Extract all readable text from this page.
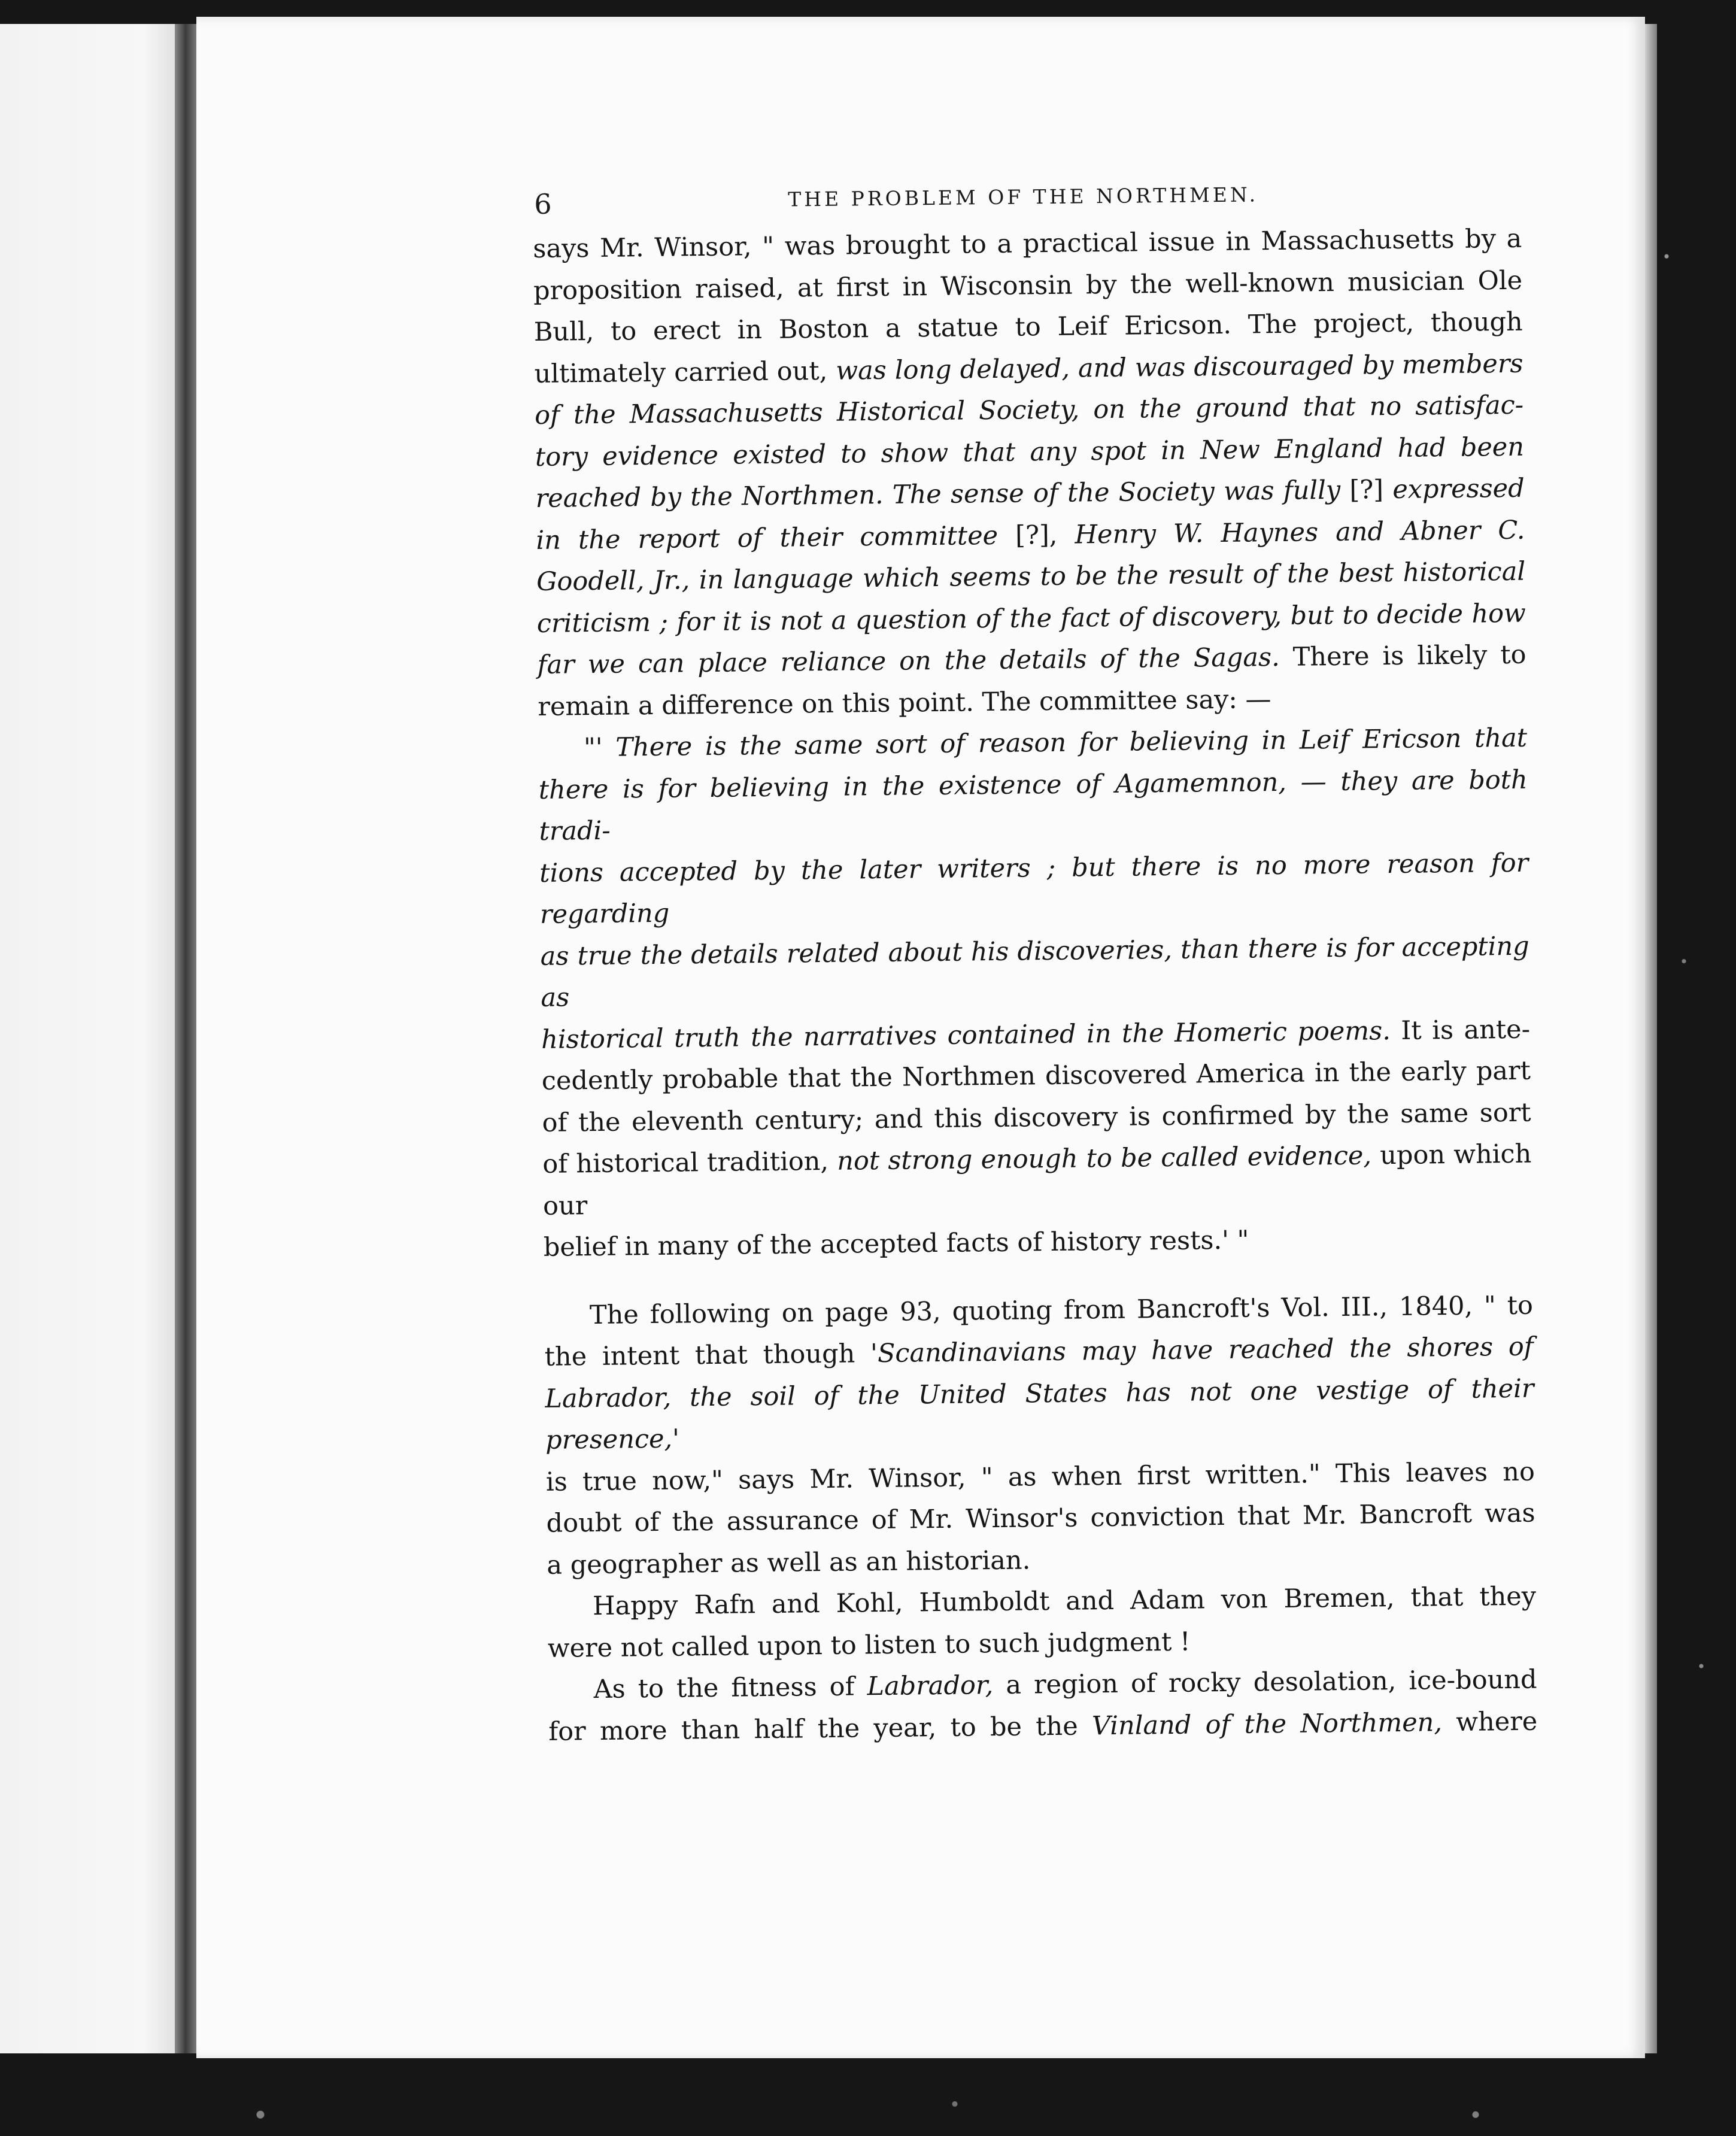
6	THE PROBLEM OF THE NORTHMEN.

says Mr. Winsor, " was brought to a practical issue in Massachusetts by a

proposition raised, at first in Wisconsin by the well-known musician Ole

Bull, to erect in Boston a statue to Leif Ericson. The project, though

ultimately carried out, was long delayed, and was discouraged by members

of the Massachusetts Historical Society, on the ground that no satisfac-

tory evidence existed to show that any spot in New England had been

reached by the Northmen. The sense of the Society was fully [?] expressed

in the report of their committee [?], Henry W. Haynes and Abner C.

Goodell, Jr., in language which seems to be the result of the best historical

criticism ; for it is not a question of the fact of discovery, but to decide how

far we can place reliance on the details of the Sagas. There is likely to

remain a difference on this point. The committee say: —

"' There is the same sort of reason for believing in Leif Ericson that

there is for believing in the existence of Agamemnon, — they are both tradi-

tions accepted by the later writers ; but there is no more reason for regarding

as true the details related about his discoveries, than there is for accepting as

historical truth the narratives contained in the Homeric poems. It is ante-

cedently probable that the Northmen discovered America in the early part

of the eleventh century; and this discovery is confirmed by the same sort

of historical tradition, not strong enough to be called evidence, upon which our

belief in many of the accepted facts of history rests.' "

The following on page 93, quoting from Bancroft's Vol. III., 1840, " to

the intent that though 'Scandinavians may have reached the shores of

Labrador, the soil of the United States has not one vestige of their presence,'

is true now," says Mr. Winsor, " as when first written." This leaves no

doubt of the assurance of Mr. Winsor's conviction that Mr. Bancroft was

a geographer as well as an historian.

Happy Rafn and Kohl, Humboldt and Adam von Bremen, that they

were not called upon to listen to such judgment !

As to the fitness of Labrador, a region of rocky desolation, ice-bound

for more than half the year, to be the Vinland of the Northmen, where
